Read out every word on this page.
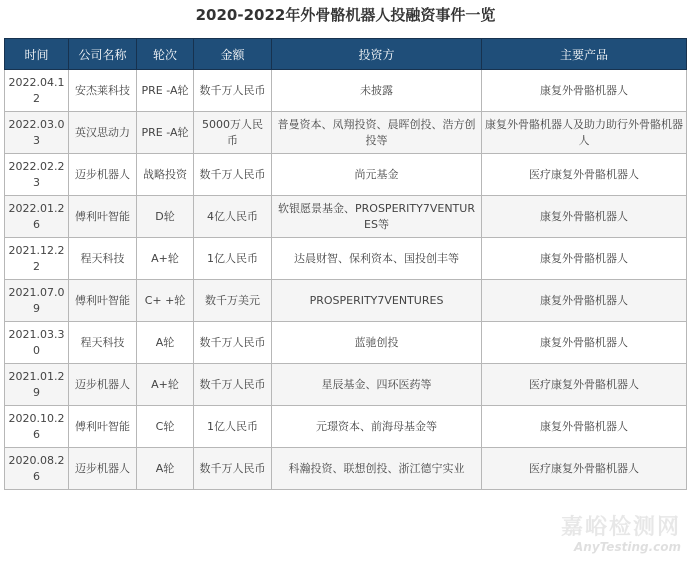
2020-2022年外骨骼机器人投融资事件一览
时间	公司名称	轮次	金额	投资方	主要产品
2022.04.12	安杰莱科技	PRE -A轮	数千万人民币	未披露	康复外骨骼机器人
2022.03.03	英汉思动力	PRE -A轮	5000万人民币	普曼资本、凤翔投资、晨晖创投、浩方创投等	康复外骨骼机器人及助力助行外骨骼机器人
2022.02.23	迈步机器人	战略投资	数千万人民币	尚元基金	医疗康复外骨骼机器人
2022.01.26	傅利叶智能	D轮	4亿人民币	软银愿景基金、PROSPERITY7VENTURES等	康复外骨骼机器人
2021.12.22	程天科技	A+轮	1亿人民币	达晨财智、保利资本、国投创丰等	康复外骨骼机器人
2021.07.09	傅利叶智能	C+ +轮	数千万美元	PROSPERITY7VENTURES	康复外骨骼机器人
2021.03.30	程天科技	A轮	数千万人民币	蓝驰创投	康复外骨骼机器人
2021.01.29	迈步机器人	A+轮	数千万人民币	星辰基金、四环医药等	医疗康复外骨骼机器人
2020.10.26	傅利叶智能	C轮	1亿人民币	元璟资本、前海母基金等	康复外骨骼机器人
2020.08.26	迈步机器人	A轮	数千万人民币	科瀚投资、联想创投、浙江德宁实业	医疗康复外骨骼机器人
嘉峪检测网
AnyTesting.com
